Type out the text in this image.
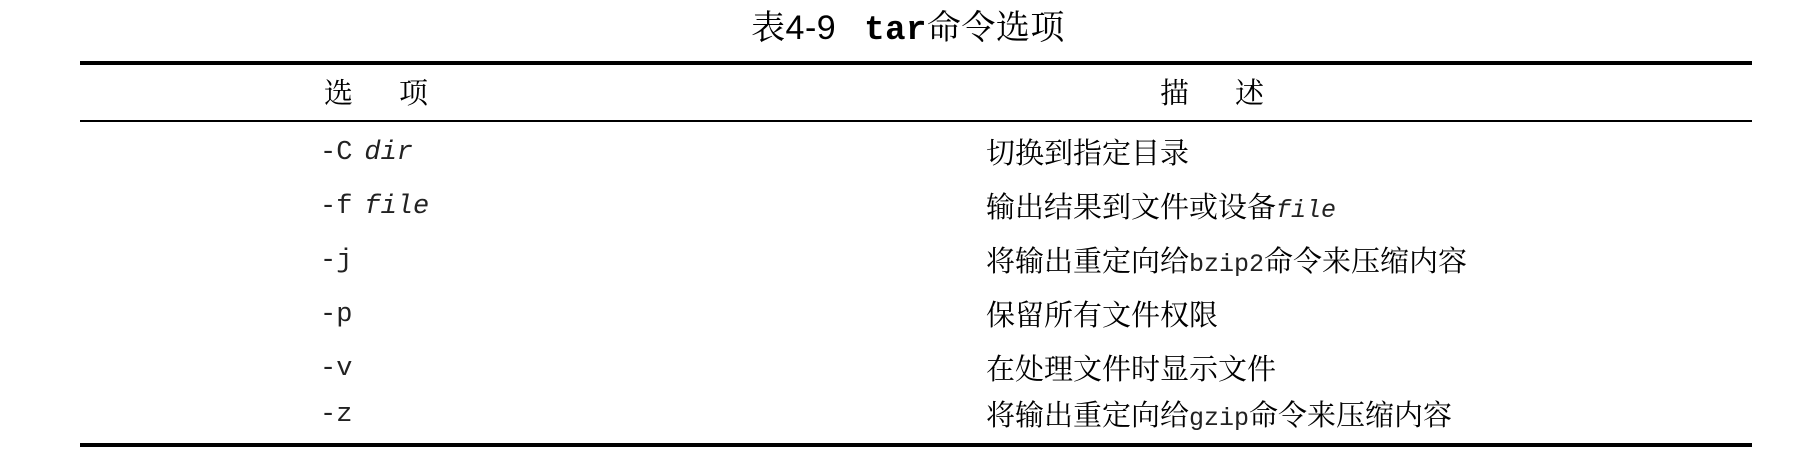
表4-9 tar命令选项
选项	描述
-C dir	切换到指定目录
-f file	输出结果到文件或设备file
-j	将输出重定向给bzip2命令来压缩内容
-p	保留所有文件权限
-v	在处理文件时显示文件
-z	将输出重定向给gzip命令来压缩内容
